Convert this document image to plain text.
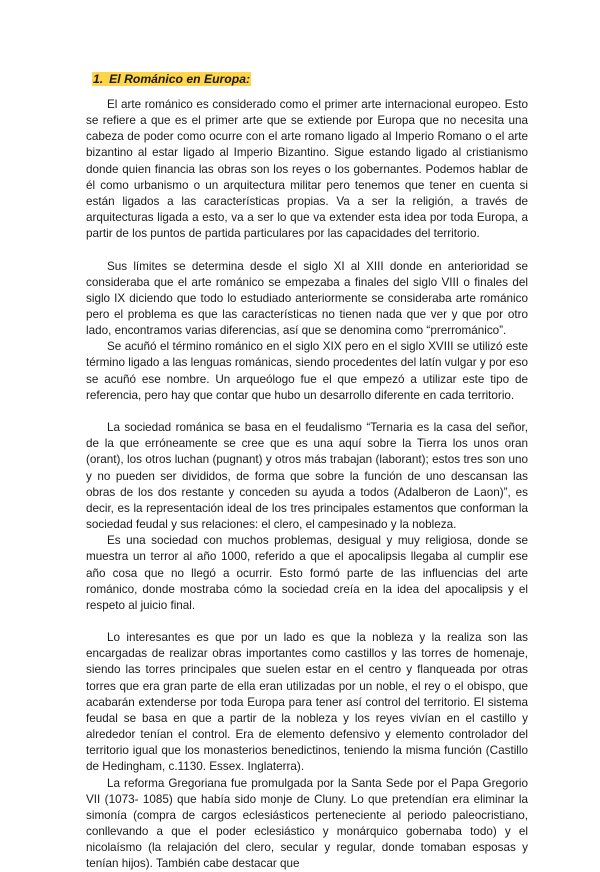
1. El Románico en Europa:

El arte románico es considerado como el primer arte internacional europeo. Esto se refiere a que es el primer arte que se extiende por Europa que no necesita una cabeza de poder como ocurre con el arte romano ligado al Imperio Romano o el arte bizantino al estar ligado al Imperio Bizantino. Sigue estando ligado al cristianismo donde quien financia las obras son los reyes o los gobernantes. Podemos hablar de él como urbanismo o un arquitectura militar pero tenemos que tener en cuenta si están ligados a las características propias. Va a ser la religión, a través de arquitecturas ligada a esto, va a ser lo que va extender esta idea por toda Europa, a partir de los puntos de partida particulares por las capacidades del territorio.

Sus límites se determina desde el siglo XI al XIII donde en anterioridad se consideraba que el arte románico se empezaba a finales del siglo VIII o finales del siglo IX diciendo que todo lo estudiado anteriormente se consideraba arte románico pero el problema es que las características no tienen nada que ver y que por otro lado, encontramos varias diferencias, así que se denomina como “prerrománico”.

Se acuñó el término románico en el siglo XIX pero en el siglo XVIII se utilizó este término ligado a las lenguas románicas, siendo procedentes del latín vulgar y por eso se acuñó ese nombre. Un arqueólogo fue el que empezó a utilizar este tipo de referencia, pero hay que contar que hubo un desarrollo diferente en cada territorio.

La sociedad románica se basa en el feudalismo “Ternaria es la casa del señor, de la que erróneamente se cree que es una aquí sobre la Tierra los unos oran (orant), los otros luchan (pugnant) y otros más trabajan (laborant); estos tres son uno y no pueden ser divididos, de forma que sobre la función de uno descansan las obras de los dos restante y conceden su ayuda a todos (Adalberon de Laon)”, es decir, es la representación ideal de los tres principales estamentos que conforman la sociedad feudal y sus relaciones: el clero, el campesinado y la nobleza.

Es una sociedad con muchos problemas, desigual y muy religiosa, donde se muestra un terror al año 1000, referido a que el apocalipsis llegaba al cumplir ese año cosa que no llegó a ocurrir. Esto formó parte de las influencias del arte románico, donde mostraba cómo la sociedad creía en la idea del apocalipsis y el respeto al juicio final.

Lo interesantes es que por un lado es que la nobleza y la realiza son las encargadas de realizar obras importantes como castillos y las torres de homenaje, siendo las torres principales que suelen estar en el centro y flanqueada por otras torres que era gran parte de ella eran utilizadas por un noble, el rey o el obispo, que acabarán extenderse por toda Europa para tener así control del territorio. El sistema feudal se basa en que a partir de la nobleza y los reyes vivían en el castillo y alrededor tenían el control. Era de elemento defensivo y elemento controlador del territorio igual que los monasterios benedictinos, teniendo la misma función (Castillo de Hedingham, c.1130. Essex. Inglaterra).

La reforma Gregoriana fue promulgada por la Santa Sede por el Papa Gregorio VII (1073- 1085) que había sido monje de Cluny. Lo que pretendían era eliminar la simonía (compra de cargos eclesiásticos perteneciente al periodo paleocristiano, conllevando a que el poder eclesiástico y monárquico gobernaba todo) y el nicolaísmo (la relajación del clero, secular y regular, donde tomaban esposas y tenían hijos). También cabe destacar que
